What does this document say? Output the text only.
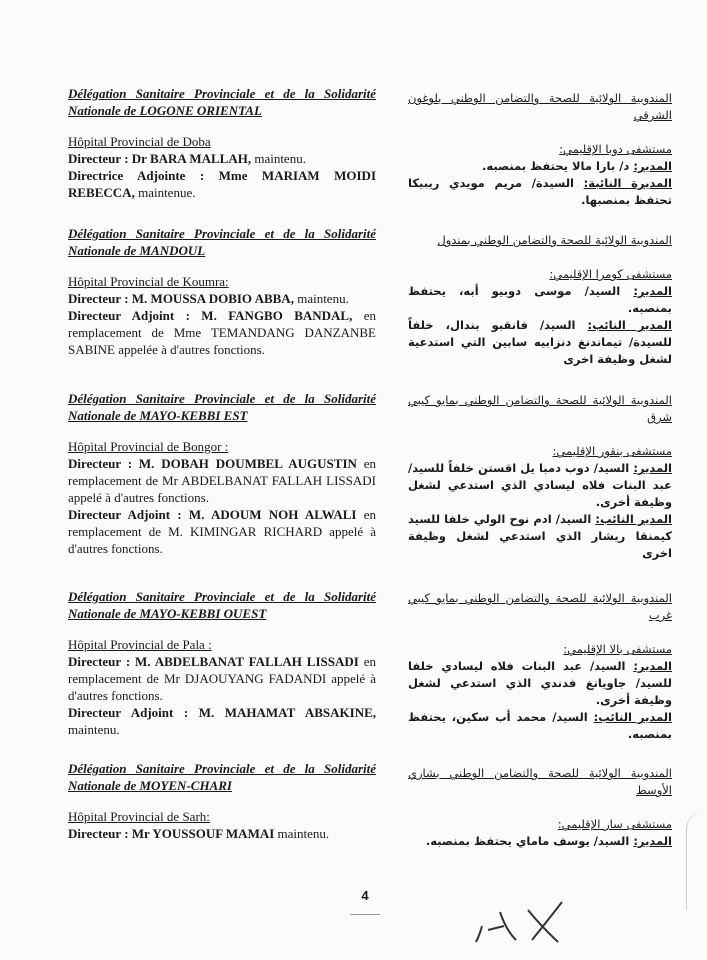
Délégation Sanitaire Provinciale et de la Solidarité Nationale de LOGONE ORIENTAL
Hôpital Provincial de Doba
Directeur : Dr BARA MALLAH, maintenu.
Directrice Adjointe : Mme MARIAM MOIDI REBECCA, maintenue.
المندوبية الولائية للصحة والتضامن الوطني بلوغون الشرقي
مستشفى دوبا الإقليمي:
المدير: د/ بارا مالا يحتفظ بمنصبه.
المديرة النائبة: السيدة/ مريم مويدي ريبيكا تحتفظ بمنصبها.
Délégation Sanitaire Provinciale et de la Solidarité Nationale de MANDOUL
Hôpital Provincial de Koumra:
Directeur : M. MOUSSA DOBIO ABBA, maintenu.
Directeur Adjoint : M. FANGBO BANDAL, en remplacement de Mme TEMANDANG DANZANBE SABINE appelée à d'autres fonctions.
المندوبية الولائية للصحة والتضامن الوطني بمندول
مستشفى كومرا الإقليمي:
المدير: السيد/ موسى دوبيو أبه، يحتفظ بمنصبه.
المدير النائب: السيد/ فانقبو بندال، خلفاً للسيدة/ تيماندنغ دنزابيه سابين التي استدعية لشغل وظيفة اخرى
Délégation Sanitaire Provinciale et de la Solidarité Nationale de MAYO-KEBBI EST
Hôpital Provincial de Bongor :
Directeur : M. DOBAH DOUMBEL AUGUSTIN en remplacement de Mr ABDELBANAT FALLAH LISSADI appelé à d'autres fonctions.
Directeur Adjoint : M. ADOUM NOH ALWALI en remplacement de M. KIMINGAR RICHARD appelé à d'autres fonctions.
المندوبية الولائية للصحة والتضامن الوطني بمايو كيبي شرق
مستشفى بنقور الإقليمي:
المدير: السيد/ دوب دمبا يل اقستن خلفاً للسيد/ عبد البنات فلاه ليسادي الذي استدعي لشغل وظيفة أخرى.
المدير النائب: السيد/ ادم نوح الولي خلفا للسيد كيمنقا ريشار الذي استدعي لشغل وظيفة اخرى
Délégation Sanitaire Provinciale et de la Solidarité Nationale de MAYO-KEBBI OUEST
Hôpital Provincial de Pala :
Directeur : M. ABDELBANAT FALLAH LISSADI en remplacement de Mr DJAOUYANG FADANDI appelé à d'autres fonctions.
Directeur Adjoint : M. MAHAMAT ABSAKINE, maintenu.
المندوبية الولائية للصحة والتضامن الوطني بمايو كيبي غرب
مستشفى بالا الإقليمي:
المدير: السيد/ عبد البنات فلاه ليسادي خلفا للسيد/ جاويانغ فدندي الذي استدعي لشغل وظيفة أخرى.
المدير النائب: السيد/ محمد أب سكين، يحتفظ بمنصبه.
Délégation Sanitaire Provinciale et de la Solidarité Nationale de MOYEN-CHARI
Hôpital Provincial de Sarh:
Directeur : Mr YOUSSOUF MAMAI maintenu.
المندوبية الولائية للصحة والتضامن الوطني بشاري الأوسط
مستشفى سار الإقليمي:
المدير: السيد/ يوسف ماماي يحتفظ بمنصبه.
4
